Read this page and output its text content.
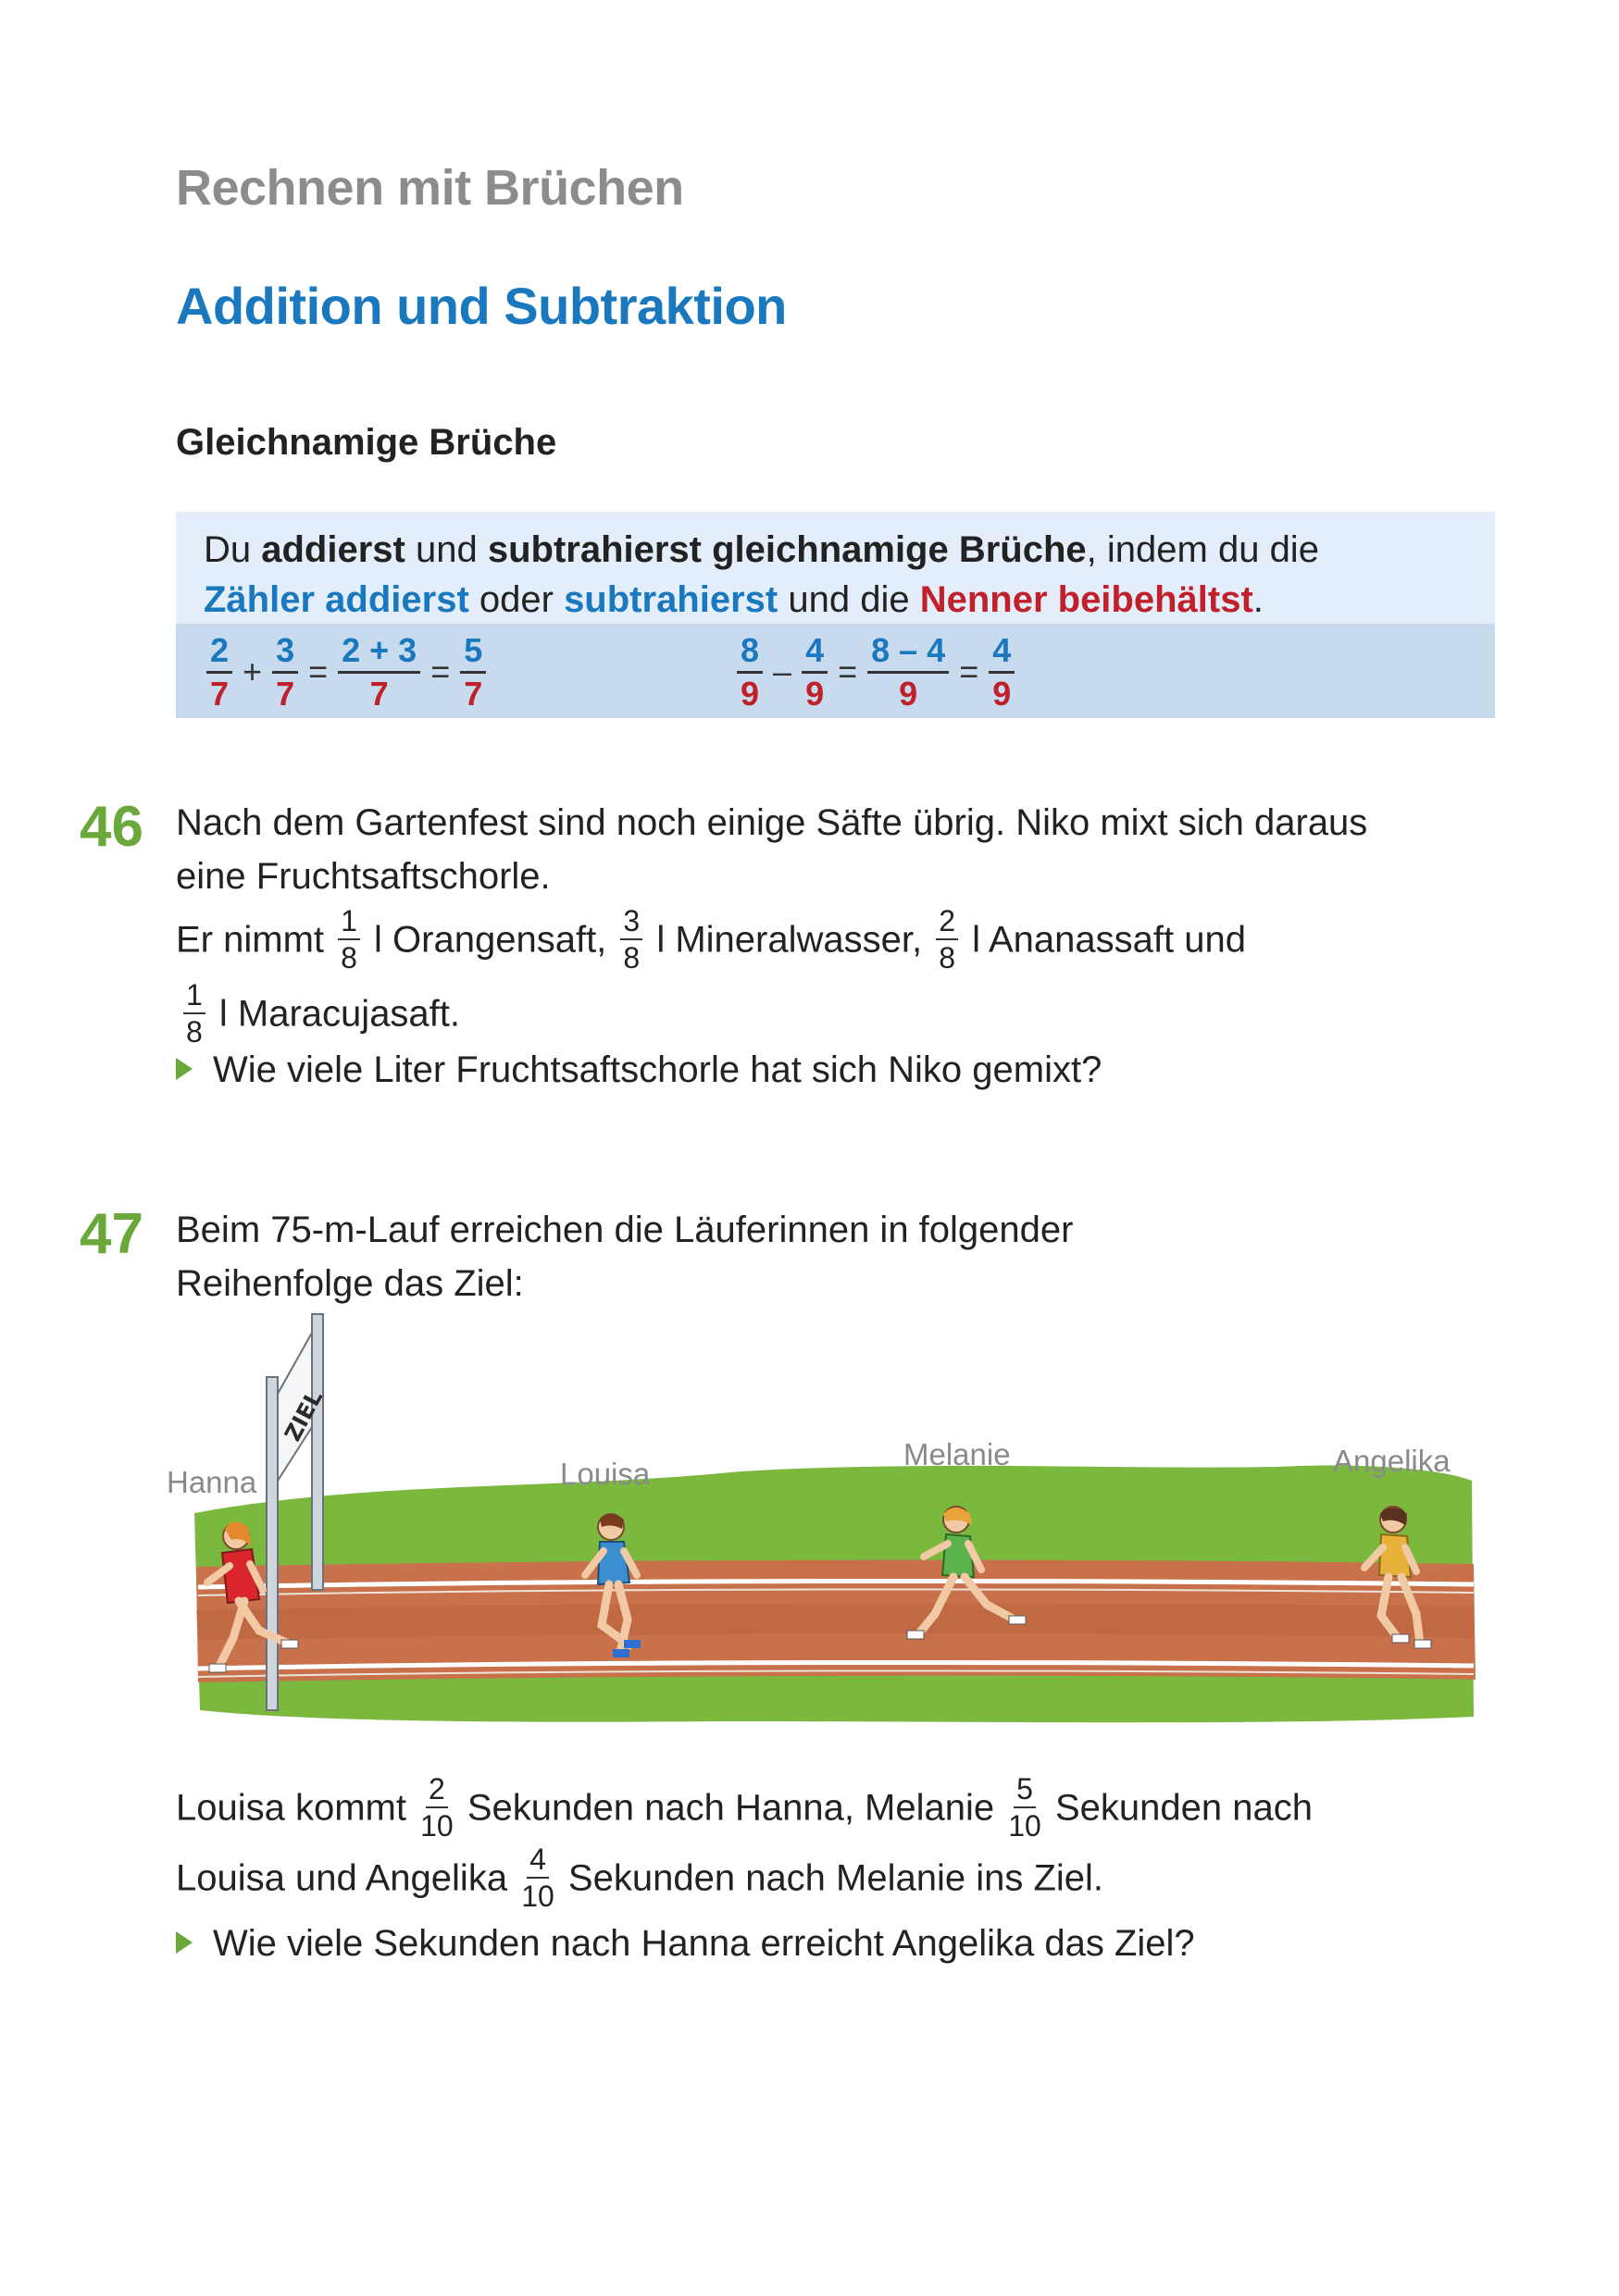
Rechnen mit Brüchen
Addition und Subtraktion
Gleichnamige Brüche
Du addierst und subtrahierst gleichnamige Brüche, indem du die
Zähler addierst oder subtrahierst und die Nenner beibehältst.
$\frac{2}{7} + \frac{3}{7} = \frac{2 + 3}{7} = \frac{5}{7}$	$\frac{8}{9} - \frac{4}{9} = \frac{8 - 4}{9} = \frac{4}{9}$
46 Nach dem Gartenfest sind noch einige Säfte übrig. Niko mixt sich daraus
eine Fruchtsaftschorle.
Er nimmt $\frac{1}{8}$ l Orangensaft, $\frac{3}{8}$ l Mineralwasser, $\frac{2}{8}$ l Ananassaft und
$\frac{1}{8}$ l Maracujasaft.
Wie viele Liter Fruchtsaftschorle hat sich Niko gemixt?
47 Beim 75-m-Lauf erreichen die Läuferinnen in folgender
Reihenfolge das Ziel:
ZIEL
Hanna	Louisa
Melanie	Angelika
Louisa kommt $\frac{2}{10}$ Sekunden nach Hanna, Melanie $\frac{5}{10}$ Sekunden nach
Louisa und Angelika $\frac{4}{10}$ Sekunden nach Melanie ins Ziel.
Wie viele Sekunden nach Hanna erreicht Angelika das Ziel?
